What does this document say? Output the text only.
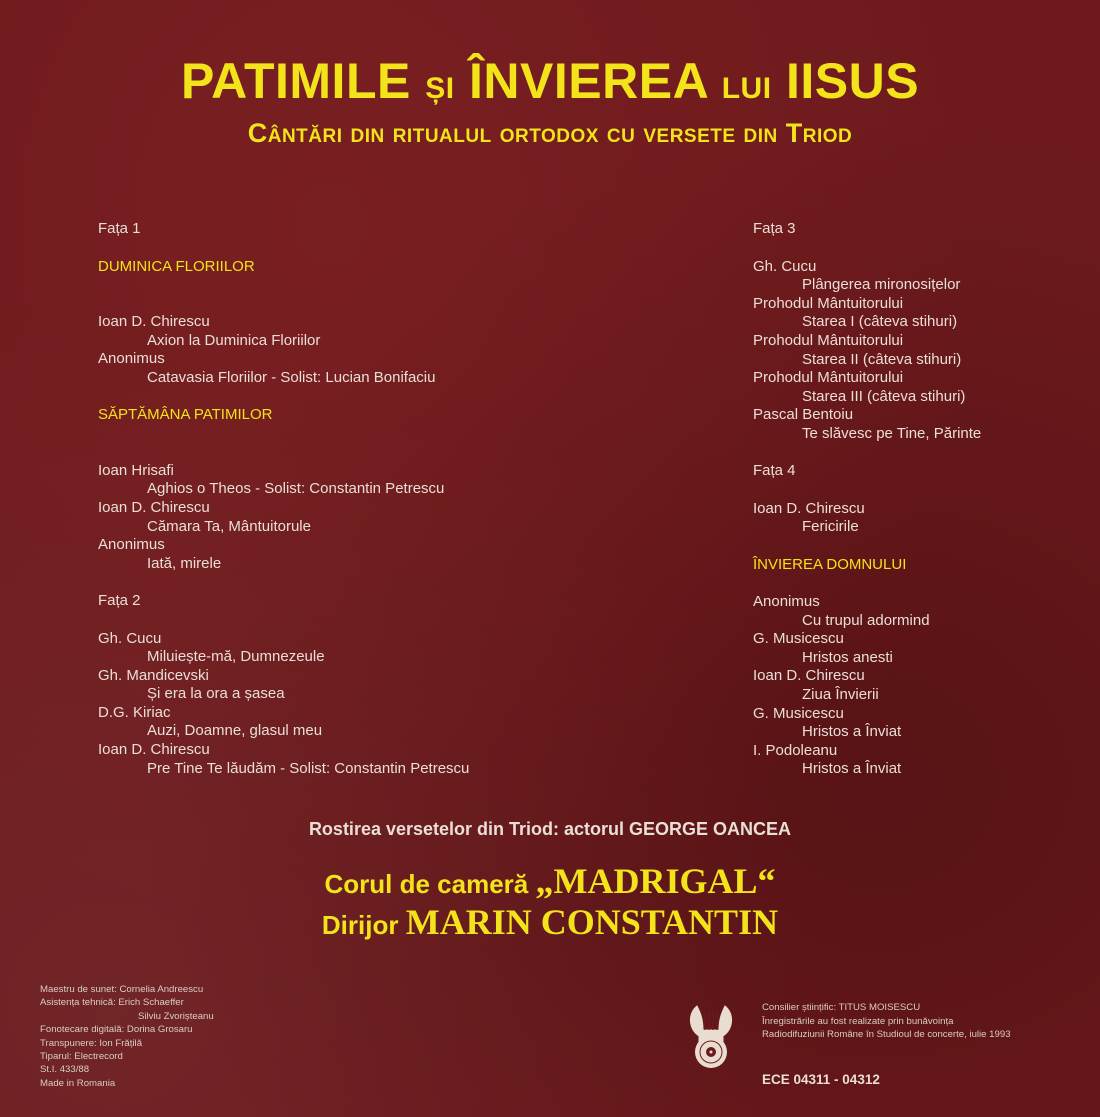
PATIMILE ȘI ÎNVIEREA LUI IISUS
Cântări din ritualul ortodox cu versete din Triod
Fața 1
DUMINICA FLORIILOR
Ioan D. Chirescu
Axion la Duminica Floriilor
Anonimus
Catavasia Floriilor - Solist: Lucian Bonifaciu
SĂPTĂMÂNA PATIMILOR
Ioan Hrisafi
Aghios o Theos - Solist: Constantin Petrescu
Ioan D. Chirescu
Cămara Ta, Mântuitorule
Anonimus
Iată, mirele
Fața 2
Gh. Cucu
Miluiește-mă, Dumnezeule
Gh. Mandicevski
Și era la ora a șasea
D.G. Kiriac
Auzi, Doamne, glasul meu
Ioan D. Chirescu
Pre Tine Te lăudăm - Solist: Constantin Petrescu
Fața 3
Gh. Cucu
Plângerea mironosițelor
Prohodul Mântuitorului
Starea I (câteva stihuri)
Prohodul Mântuitorului
Starea II (câteva stihuri)
Prohodul Mântuitorului
Starea III (câteva stihuri)
Pascal Bentoiu
Te slăvesc pe Tine, Părinte
Fața 4
Ioan D. Chirescu
Fericirile
ÎNVIEREA DOMNULUI
Anonimus
Cu trupul adormind
G. Musicescu
Hristos anesti
Ioan D. Chirescu
Ziua Învierii
G. Musicescu
Hristos a Înviat
I. Podoleanu
Hristos a Înviat
Rostirea versetelor din Triod: actorul GEORGE OANCEA
Corul de cameră „MADRIGAL“
Dirijor MARIN CONSTANTIN
Maestru de sunet: Cornelia Andreescu
Asistența tehnică: Erich Schaeffer
Silviu Zvorișteanu
Fonotecare digitală: Dorina Grosaru
Transpunere: Ion Frățilă
Tiparul: Electrecord
St.I. 433/88
Made in Romania
Consilier științific: TITUS MOISESCU
Înregistrările au fost realizate prin bunăvoința
Radiodifuziunii Române în Studioul de concerte, iulie 1993
ECE 04311 - 04312
